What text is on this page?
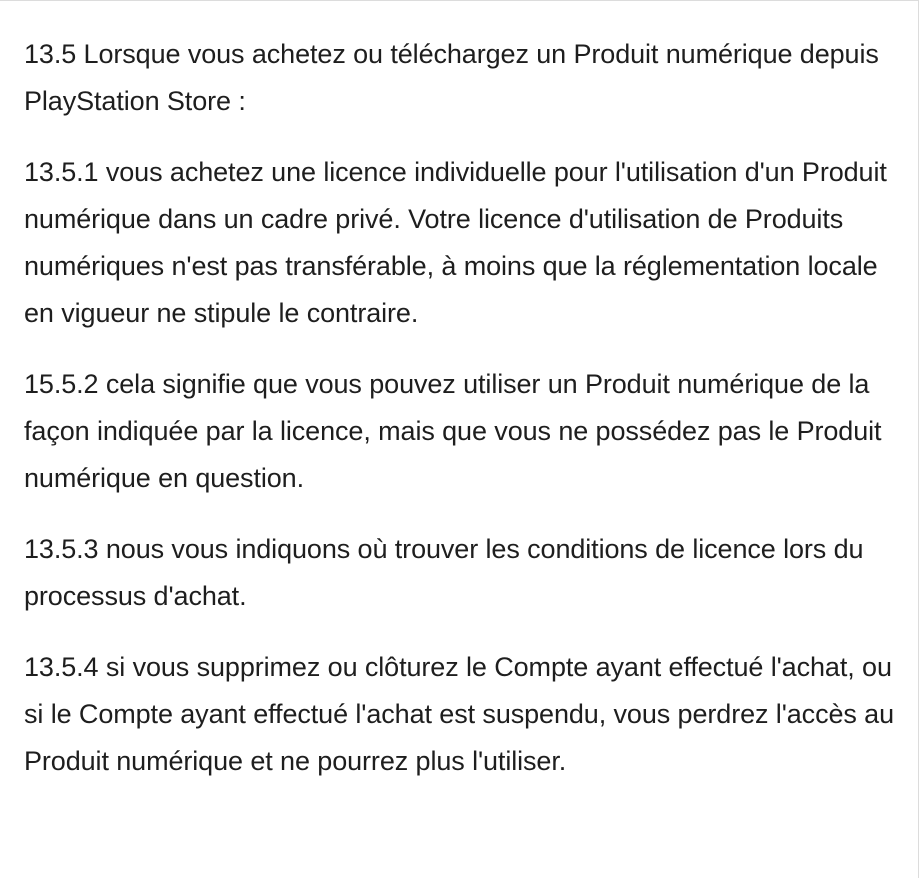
13.5 Lorsque vous achetez ou téléchargez un Produit numérique depuis PlayStation Store :

13.5.1 vous achetez une licence individuelle pour l'utilisation d'un Produit numérique dans un cadre privé. Votre licence d'utilisation de Produits numériques n'est pas transférable, à moins que la réglementation locale en vigueur ne stipule le contraire.

15.5.2 cela signifie que vous pouvez utiliser un Produit numérique de la façon indiquée par la licence, mais que vous ne possédez pas le Produit numérique en question.

13.5.3 nous vous indiquons où trouver les conditions de licence lors du processus d'achat.

13.5.4 si vous supprimez ou clôturez le Compte ayant effectué l'achat, ou si le Compte ayant effectué l'achat est suspendu, vous perdrez l'accès au Produit numérique et ne pourrez plus l'utiliser.
